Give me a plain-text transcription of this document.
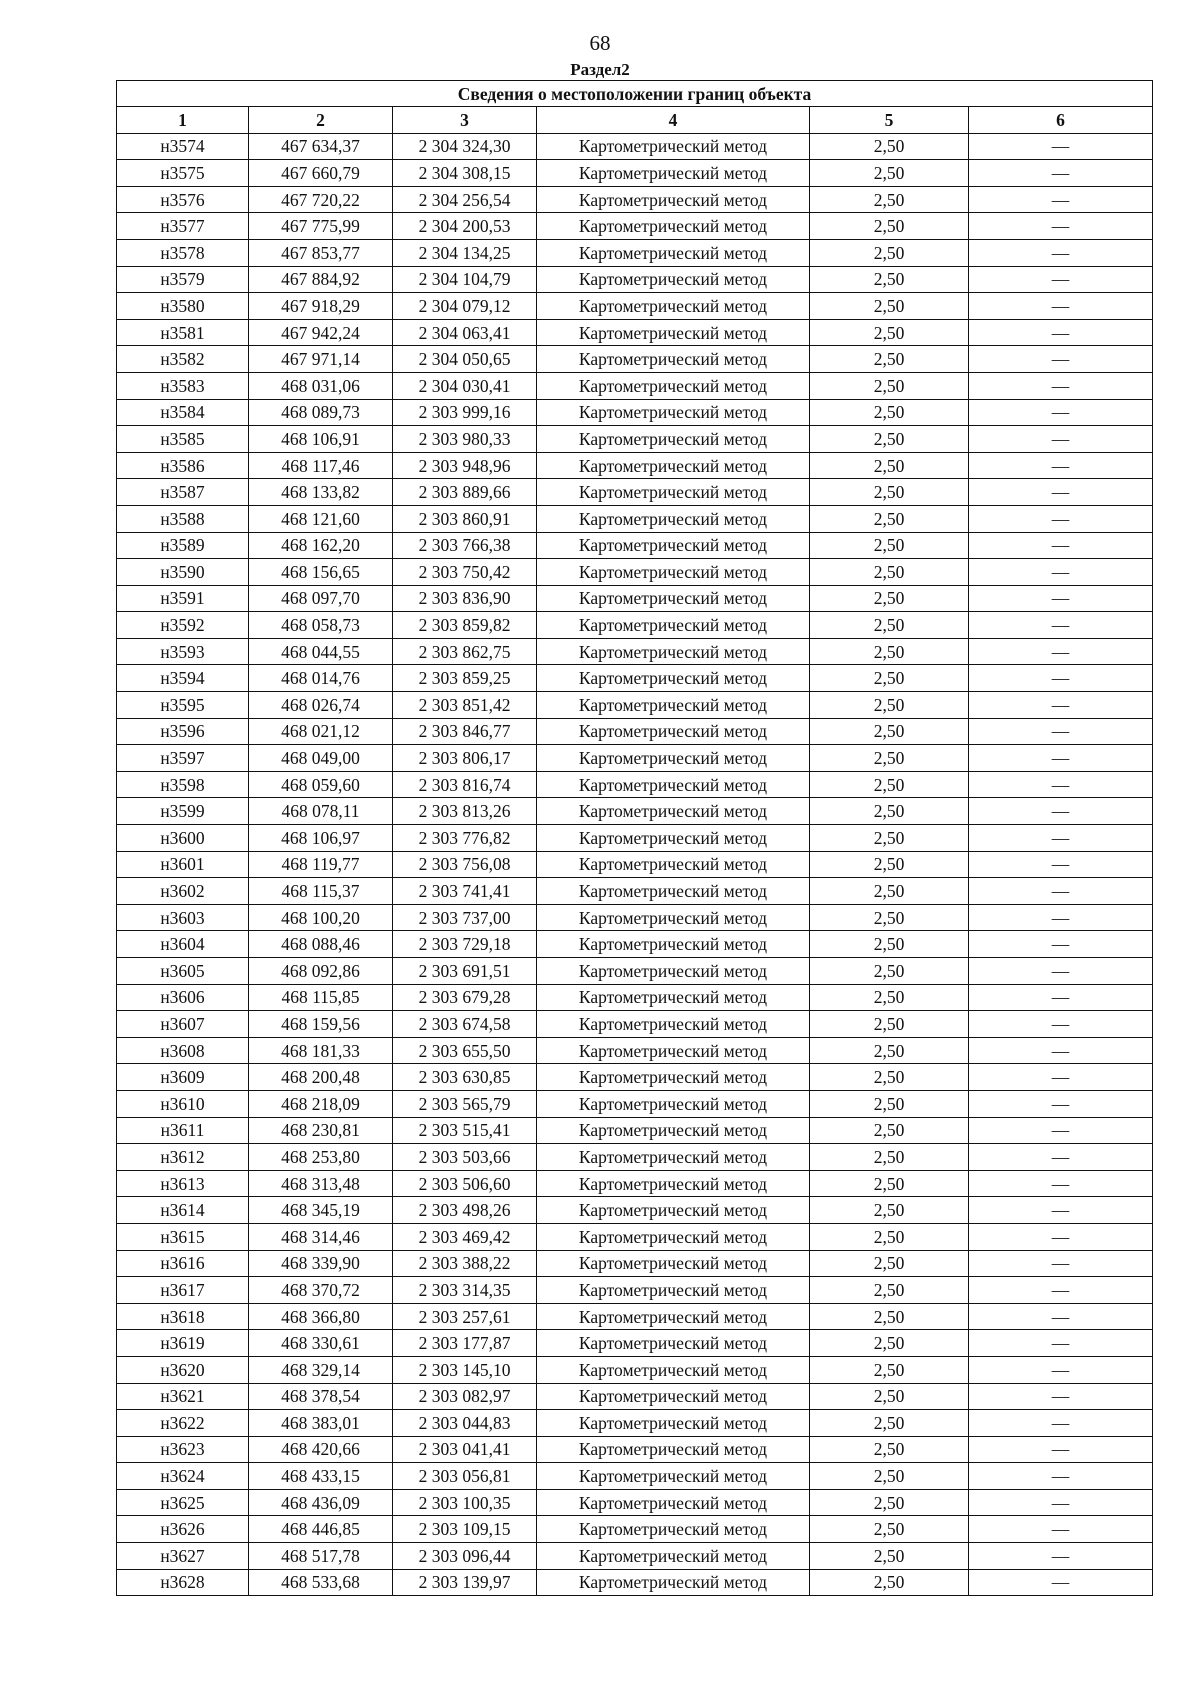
68
Раздел2
Сведения о местоположении границ объекта					
1	2	3	4	5	6
н3574	467 634,37	2 304 324,30	Картометрический метод	2,50	—
н3575	467 660,79	2 304 308,15	Картометрический метод	2,50	—
н3576	467 720,22	2 304 256,54	Картометрический метод	2,50	—
н3577	467 775,99	2 304 200,53	Картометрический метод	2,50	—
н3578	467 853,77	2 304 134,25	Картометрический метод	2,50	—
н3579	467 884,92	2 304 104,79	Картометрический метод	2,50	—
н3580	467 918,29	2 304 079,12	Картометрический метод	2,50	—
н3581	467 942,24	2 304 063,41	Картометрический метод	2,50	—
н3582	467 971,14	2 304 050,65	Картометрический метод	2,50	—
н3583	468 031,06	2 304 030,41	Картометрический метод	2,50	—
н3584	468 089,73	2 303 999,16	Картометрический метод	2,50	—
н3585	468 106,91	2 303 980,33	Картометрический метод	2,50	—
н3586	468 117,46	2 303 948,96	Картометрический метод	2,50	—
н3587	468 133,82	2 303 889,66	Картометрический метод	2,50	—
н3588	468 121,60	2 303 860,91	Картометрический метод	2,50	—
н3589	468 162,20	2 303 766,38	Картометрический метод	2,50	—
н3590	468 156,65	2 303 750,42	Картометрический метод	2,50	—
н3591	468 097,70	2 303 836,90	Картометрический метод	2,50	—
н3592	468 058,73	2 303 859,82	Картометрический метод	2,50	—
н3593	468 044,55	2 303 862,75	Картометрический метод	2,50	—
н3594	468 014,76	2 303 859,25	Картометрический метод	2,50	—
н3595	468 026,74	2 303 851,42	Картометрический метод	2,50	—
н3596	468 021,12	2 303 846,77	Картометрический метод	2,50	—
н3597	468 049,00	2 303 806,17	Картометрический метод	2,50	—
н3598	468 059,60	2 303 816,74	Картометрический метод	2,50	—
н3599	468 078,11	2 303 813,26	Картометрический метод	2,50	—
н3600	468 106,97	2 303 776,82	Картометрический метод	2,50	—
н3601	468 119,77	2 303 756,08	Картометрический метод	2,50	—
н3602	468 115,37	2 303 741,41	Картометрический метод	2,50	—
н3603	468 100,20	2 303 737,00	Картометрический метод	2,50	—
н3604	468 088,46	2 303 729,18	Картометрический метод	2,50	—
н3605	468 092,86	2 303 691,51	Картометрический метод	2,50	—
н3606	468 115,85	2 303 679,28	Картометрический метод	2,50	—
н3607	468 159,56	2 303 674,58	Картометрический метод	2,50	—
н3608	468 181,33	2 303 655,50	Картометрический метод	2,50	—
н3609	468 200,48	2 303 630,85	Картометрический метод	2,50	—
н3610	468 218,09	2 303 565,79	Картометрический метод	2,50	—
н3611	468 230,81	2 303 515,41	Картометрический метод	2,50	—
н3612	468 253,80	2 303 503,66	Картометрический метод	2,50	—
н3613	468 313,48	2 303 506,60	Картометрический метод	2,50	—
н3614	468 345,19	2 303 498,26	Картометрический метод	2,50	—
н3615	468 314,46	2 303 469,42	Картометрический метод	2,50	—
н3616	468 339,90	2 303 388,22	Картометрический метод	2,50	—
н3617	468 370,72	2 303 314,35	Картометрический метод	2,50	—
н3618	468 366,80	2 303 257,61	Картометрический метод	2,50	—
н3619	468 330,61	2 303 177,87	Картометрический метод	2,50	—
н3620	468 329,14	2 303 145,10	Картометрический метод	2,50	—
н3621	468 378,54	2 303 082,97	Картометрический метод	2,50	—
н3622	468 383,01	2 303 044,83	Картометрический метод	2,50	—
н3623	468 420,66	2 303 041,41	Картометрический метод	2,50	—
н3624	468 433,15	2 303 056,81	Картометрический метод	2,50	—
н3625	468 436,09	2 303 100,35	Картометрический метод	2,50	—
н3626	468 446,85	2 303 109,15	Картометрический метод	2,50	—
н3627	468 517,78	2 303 096,44	Картометрический метод	2,50	—
н3628	468 533,68	2 303 139,97	Картометрический метод	2,50	—
